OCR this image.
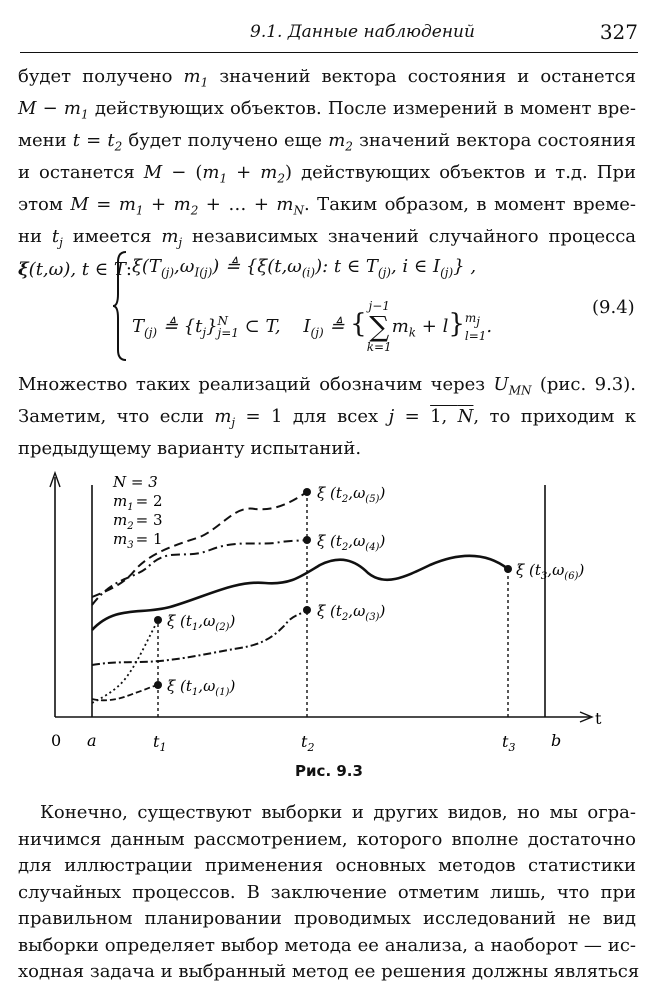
9.1. Данные наблюдений	327
будет получено $m_1$ значений вектора состояния и останется
$M - m_1$ действующих объектов. После измерений в момент вре-
мени $t = t_2$ будет получено еще $m_2$ значений вектора состояния
и останется $M - (m_1 + m_2)$ действующих объектов и т.д. При
этом $M = m_1 + m_2$ + … + $m_N$. Таким образом, в момент време-
ни $t_j$ имеется $m_j$ независимых значений случайного процесса
ξ(t,ω), t ∈ T: $\xi(T_{(j)},\omega_{I(j)})$ ≜ {$\xi(t,\omega_{(i)})$: t ∈ $T_{(j)}$, i ∈ $I_{(j)}$} ,
$T_{(j)}$ ≜ $\{t_j\}$ N
j=1 ⊂ T,    $I_{(j)}$ ≜ {
j−1
∑
k=1
$m_k + l$} $m_j$
l=1 .
(9.4)
Множество таких реализаций обозначим через $U_{MN}$ (рис. 9.3).
Заметим, что если $m_j = 1$ для всех j = 1, N, то приходим к
предыдущему варианту испытаний.
ξ $(t_2,\omega_{(5)})$
ξ $(t_2,\omega_{(4)})$
ξ $(t_3,\omega_{(6)})$
ξ $(t_2,\omega_{(3)})$
ξ $(t_1,\omega_{(2)})$
ξ $(t_1,\omega_{(1)})$
N = 3
$m_1 = 2$
$m_2 = 3$
$m_3 = 1$
0 a	$t_1$	$t_2$	$t_3$ b
t
Рис. 9.3
Конечно, существуют выборки и других видов, но мы огра-
ничимся данным рассмотрением, которого вполне достаточно
для иллюстрации применения основных методов статистики
случайных процессов. В заключение отметим лишь, что при
правильном планировании проводимых исследований не вид
выборки определяет выбор метода ее анализа, а наоборот — ис-
ходная задача и выбранный метод ее решения должны являться
